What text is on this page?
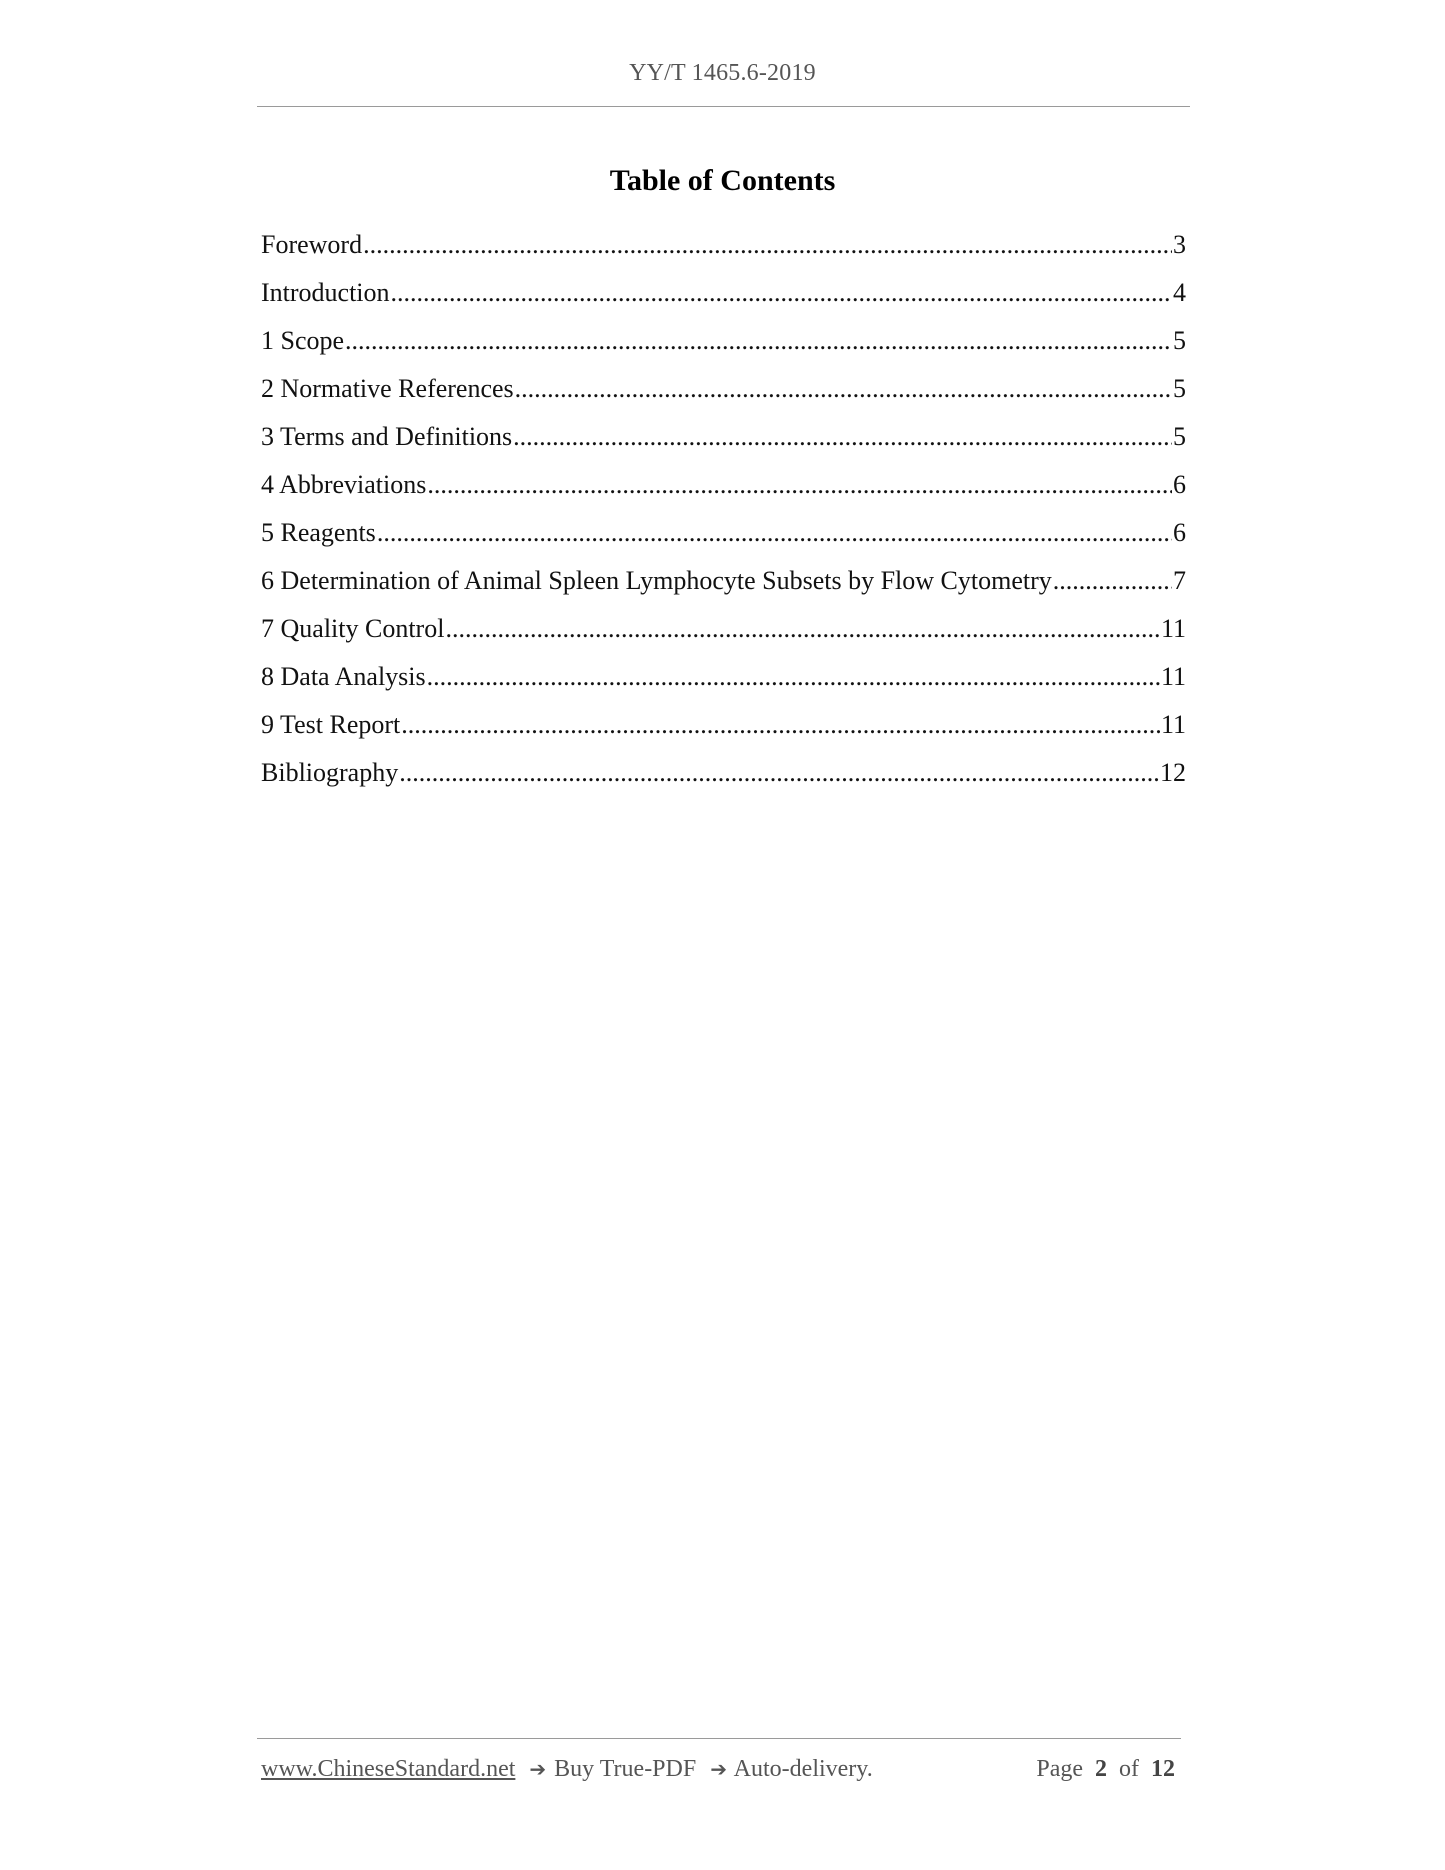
YY/T 1465.6-2019
Table of Contents
Foreword .....	3
Introduction .....	4
1 Scope .....	5
2 Normative References .....	5
3 Terms and Definitions .....	5
4 Abbreviations .....	6
5 Reagents .....	6
6 Determination of Animal Spleen Lymphocyte Subsets by Flow Cytometry .....	7
7 Quality Control .....	11
8 Data Analysis .....	11
9 Test Report .....	11
Bibliography .....	12
www.ChineseStandard.net ➔ Buy True-PDF ➔ Auto-delivery.	Page 2 of 12
